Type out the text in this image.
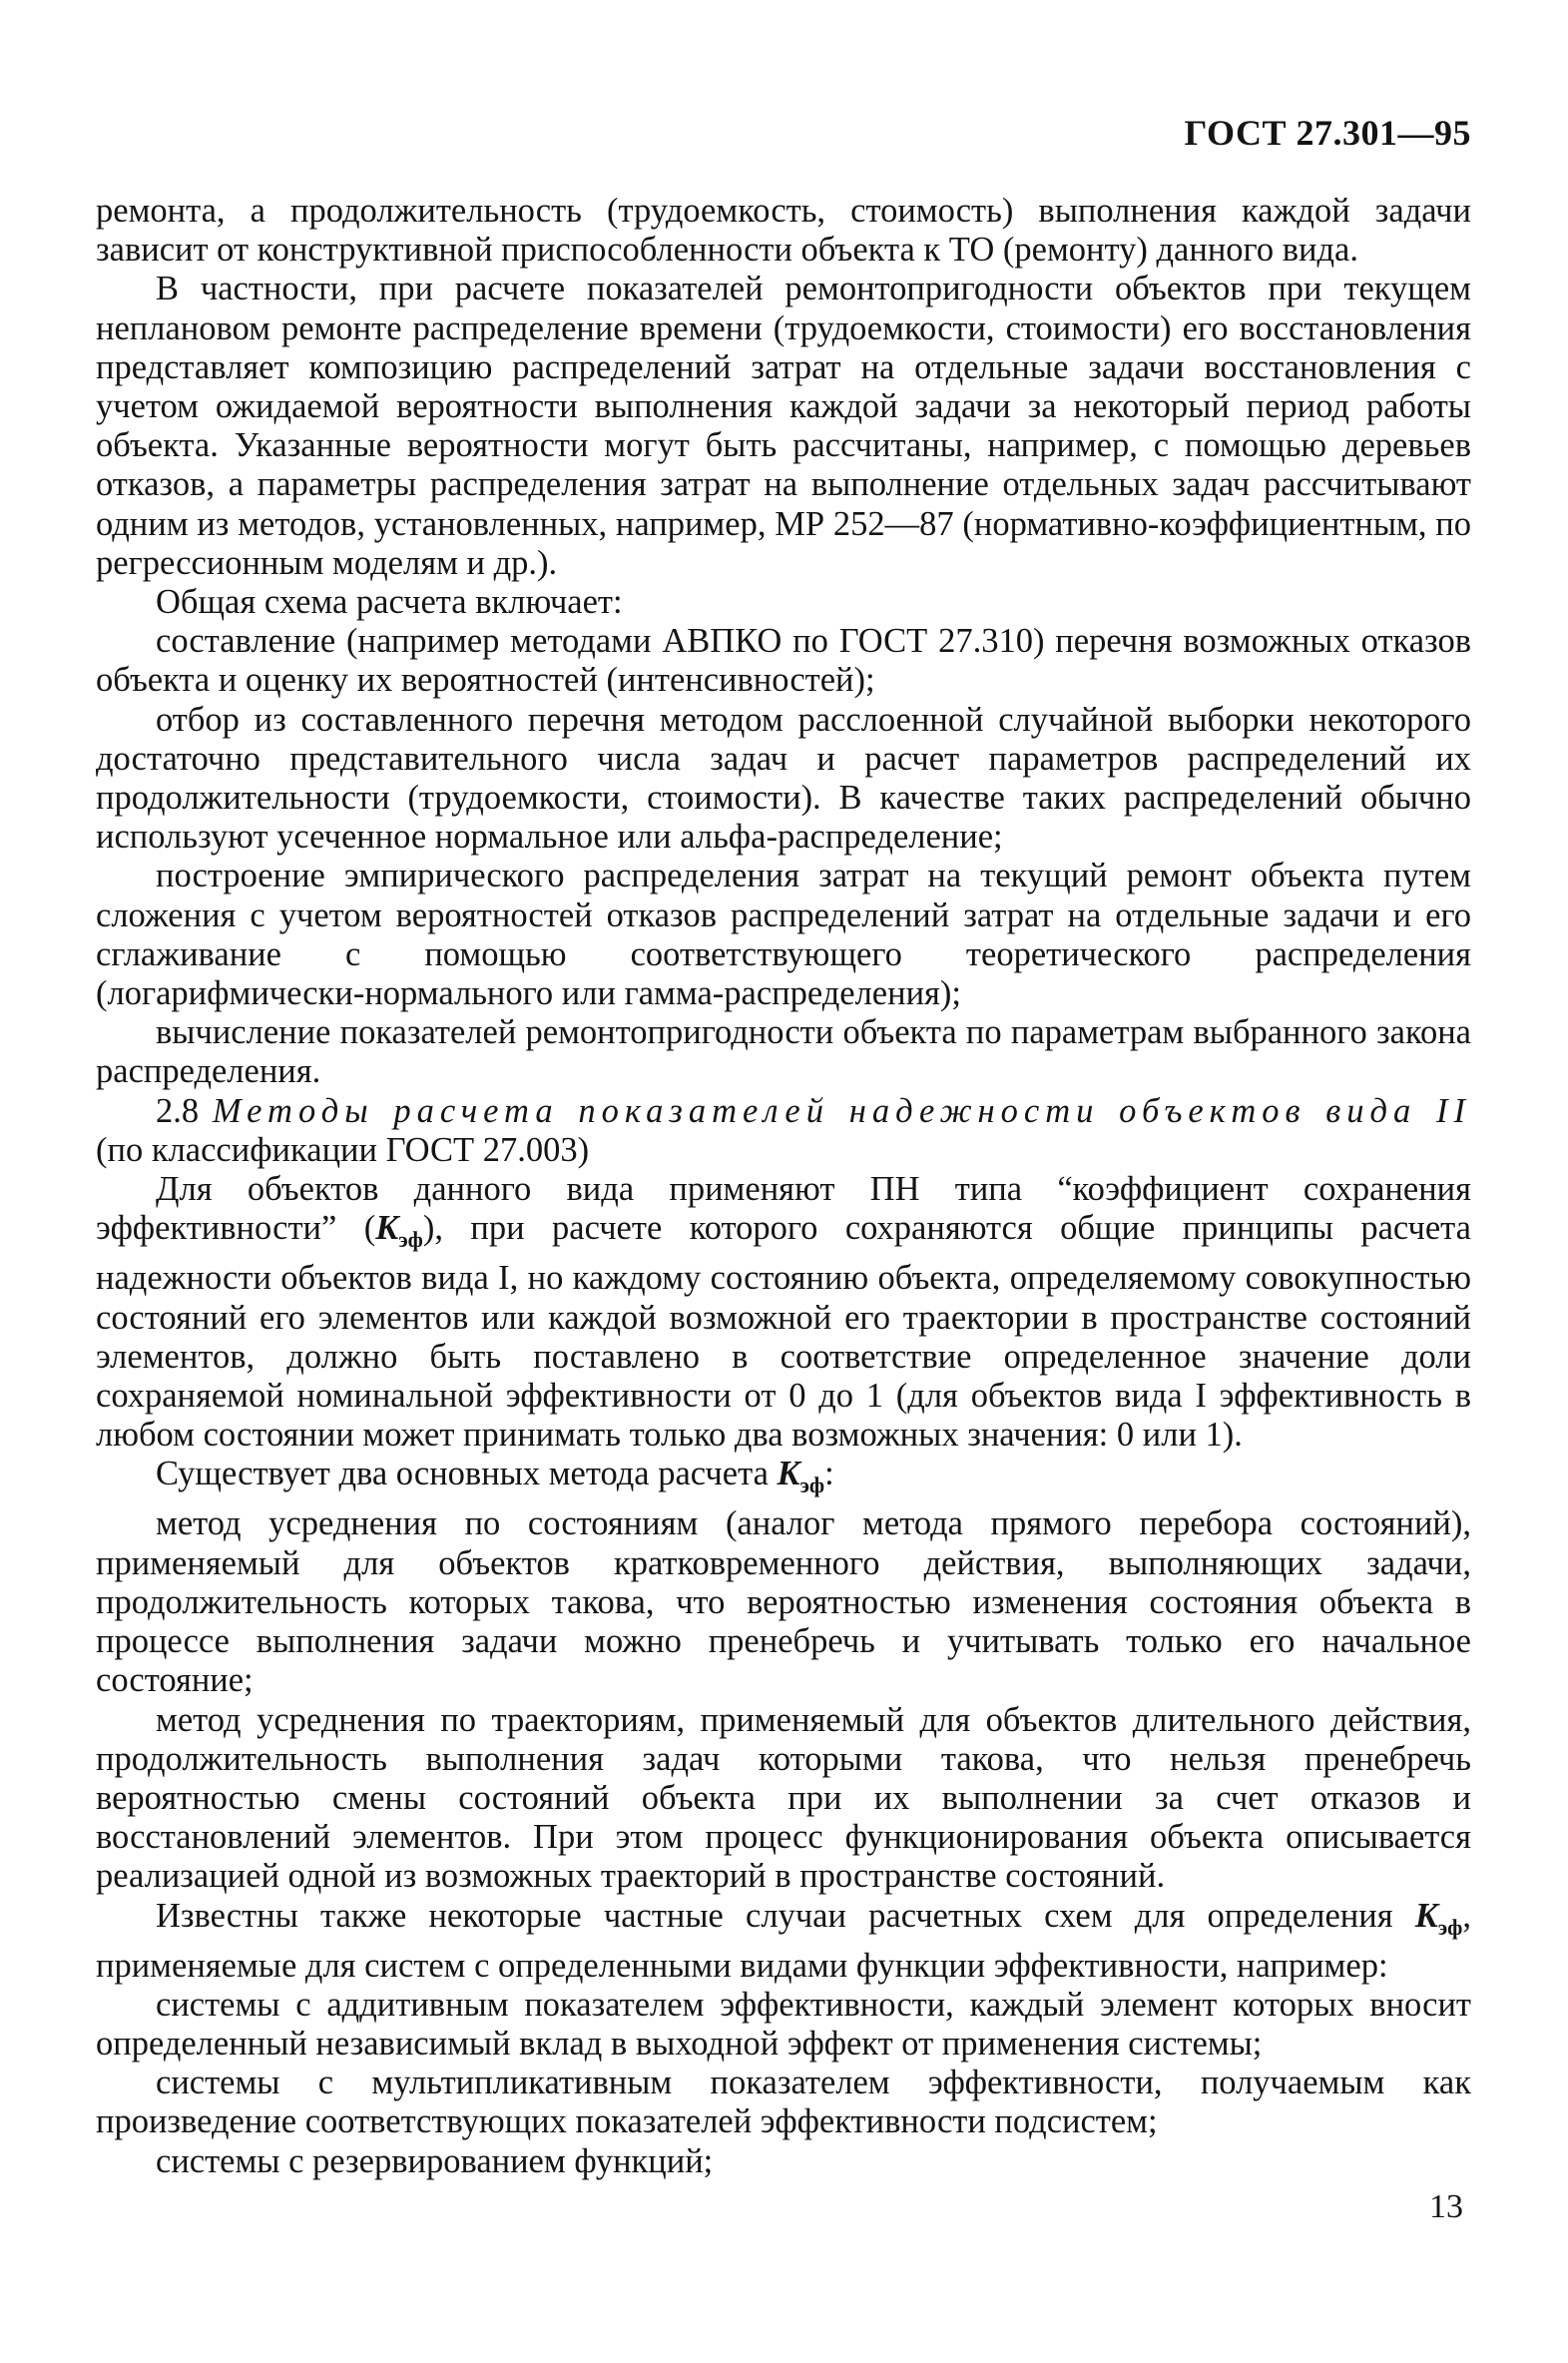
ГОСТ 27.301—95

ремонта, а продолжительность (трудоемкость, стоимость) выполнения каждой задачи зависит от конструктивной приспособленности объекта к ТО (ремонту) данного вида.

В частности, при расчете показателей ремонтопригодности объектов при текущем неплановом ремонте распределение времени (трудоемкости, стоимости) его восстановления представляет композицию распределений затрат на отдельные задачи восстановления с учетом ожидаемой вероятности выполнения каждой задачи за некоторый период работы объекта. Указанные вероятности могут быть рассчитаны, например, с помощью деревьев отказов, а параметры распределения затрат на выполнение отдельных задач рассчитывают одним из методов, установленных, например, МР 252—87 (нормативно-коэффициентным, по регрессионным моделям и др.).

Общая схема расчета включает:

составление (например методами АВПКО по ГОСТ 27.310) перечня возможных отказов объекта и оценку их вероятностей (интенсивностей);

отбор из составленного перечня методом расслоенной случайной выборки некоторого достаточно представительного числа задач и расчет параметров распределений их продолжительности (трудоемкости, стоимости). В качестве таких распределений обычно используют усеченное нормальное или альфа-распределение;

построение эмпирического распределения затрат на текущий ремонт объекта путем сложения с учетом вероятностей отказов распределений затрат на отдельные задачи и его сглаживание с помощью соответствующего теоретического распределения (логарифмически-нормального или гамма-распределения);

вычисление показателей ремонтопригодности объекта по параметрам выбранного закона распределения.

2.8 Методы расчета показателей надежности объектов вида II (по классификации ГОСТ 27.003)

Для объектов данного вида применяют ПН типа “коэффициент сохранения эффективности” $(K_{эф})$, при расчете которого сохраняются общие принципы расчета надежности объектов вида I, но каждому состоянию объекта, определяемому совокупностью состояний его элементов или каждой возможной его траектории в пространстве состояний элементов, должно быть поставлено в соответствие определенное значение доли сохраняемой номинальной эффективности от 0 до 1 (для объектов вида I эффективность в любом состоянии может принимать только два возможных значения: 0 или 1).

Существует два основных метода расчета $K_{эф}$:

метод усреднения по состояниям (аналог метода прямого перебора состояний), применяемый для объектов кратковременного действия, выполняющих задачи, продолжительность которых такова, что вероятностью изменения состояния объекта в процессе выполнения задачи можно пренебречь и учитывать только его начальное состояние;

метод усреднения по траекториям, применяемый для объектов длительного действия, продолжительность выполнения задач которыми такова, что нельзя пренебречь вероятностью смены состояний объекта при их выполнении за счет отказов и восстановлений элементов. При этом процесс функционирования объекта описывается реализацией одной из возможных траекторий в пространстве состояний.

Известны также некоторые частные случаи расчетных схем для определения $K_{эф}$, применяемые для систем с определенными видами функции эффективности, например:

системы с аддитивным показателем эффективности, каждый элемент которых вносит определенный независимый вклад в выходной эффект от применения системы;

системы с мультипликативным показателем эффективности, получаемым как произведение соответствующих показателей эффективности подсистем;

системы с резервированием функций;

13
